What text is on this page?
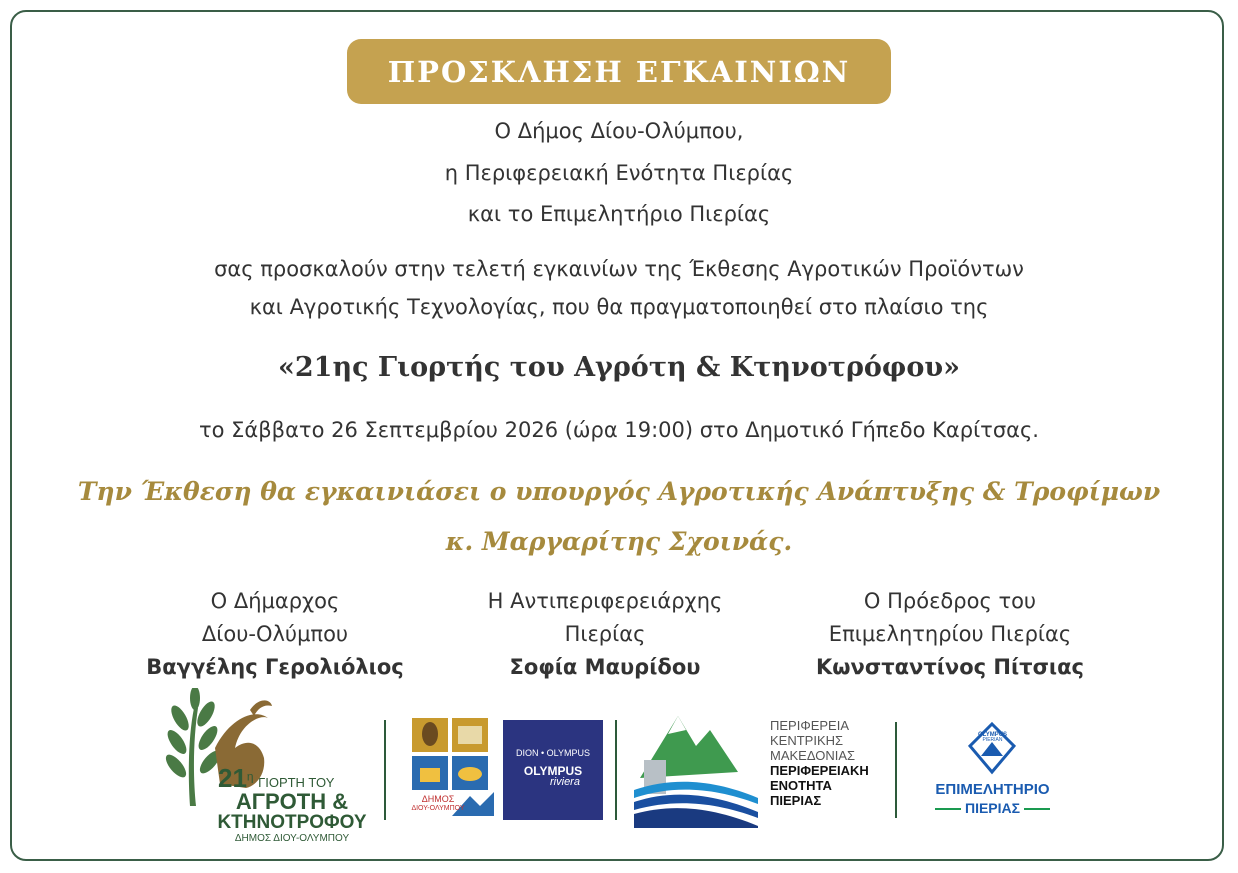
ΠΡΟΣΚΛΗΣΗ ΕΓΚΑΙΝΙΩΝ
Ο Δήμος Δίου-Ολύμπου,
η Περιφερειακή Ενότητα Πιερίας
και το Επιμελητήριο Πιερίας
σας προσκαλούν στην τελετή εγκαινίων της Έκθεσης Αγροτικών Προϊόντων
και Αγροτικής Τεχνολογίας, που θα πραγματοποιηθεί στο πλαίσιο της
«21ης Γιορτής του Αγρότη & Κτηνοτρόφου»
το Σάββατο 26 Σεπτεμβρίου 2026 (ώρα 19:00) στο Δημοτικό Γήπεδο Καρίτσας.
Την Έκθεση θα εγκαινιάσει ο υπουργός Αγροτικής Ανάπτυξης & Τροφίμων
κ. Μαργαρίτης Σχοινάς.
Ο Δήμαρχος
Δίου-Ολύμπου
Βαγγέλης Γερολιόλιος
Η Αντιπεριφερειάρχης
Πιερίας
Σοφία Μαυρίδου
Ο Πρόεδρος του
Επιμελητηρίου Πιερίας
Κωνσταντίνος Πίτσιας
$21^\eta$ ΓΙΟΡΤΗ ΤΟΥ
ΑΓΡΟΤΗ &
ΚΤΗΝΟΤΡΟΦΟΥ
ΔΗΜΟΣ ΔΙΟΥ-ΟΛΥΜΠΟΥ
ΔΗΜΟΣ
ΔΙΟΥ-ΟΛΥΜΠΟΥ
DION • OLYMPUS
OLYMPUS
riviera
ΠΕΡΙΦΕΡΕΙΑ
ΚΕΝΤΡΙΚΗΣ
ΜΑΚΕΔΟΝΙΑΣ
ΠΕΡΙΦΕΡΕΙΑΚΗ
ΕΝΟΤΗΤΑ
ΠΙΕΡΙΑΣ
OLYMPUS
PIERIAN
ΕΠΙΜΕΛΗΤΗΡΙΟ
ΠΙΕΡΙΑΣ
